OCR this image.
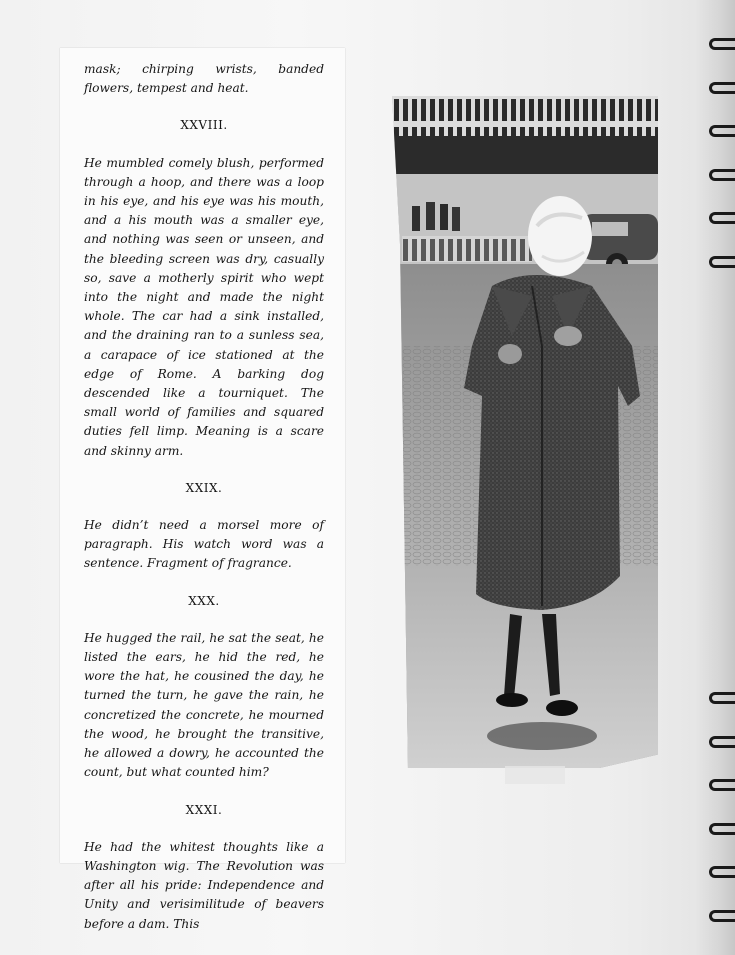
mask; chirping wrists, banded flowers, tempest and heat.

XXVIII.

He mumbled comely blush, performed through a hoop, and there was a loop in his eye, and his eye was his mouth, and a his mouth was a smaller eye, and nothing was seen or unseen, and the bleeding screen was dry, casually so, save a motherly spirit who wept into the night and made the night whole. The car had a sink installed, and the draining ran to a sunless sea, a carapace of ice stationed at the edge of Rome. A barking dog descended like a tourniquet. The small world of families and squared duties fell limp. Meaning is a scare and skinny arm.

XXIX.

He didn’t need a morsel more of paragraph. His watch word was a sentence. Fragment of fragrance.

XXX.

He hugged the rail, he sat the seat, he listed the ears, he hid the red, he wore the hat, he cousined the day, he turned the turn, he gave the rain, he concretized the concrete, he mourned the wood, he brought the transitive, he allowed a dowry, he accounted the count, but what counted him?

XXXI.

He had the whitest thoughts like a Washington wig. The Revolution was after all his pride: Independence and Unity and verisimilitude of beavers before a dam. This
